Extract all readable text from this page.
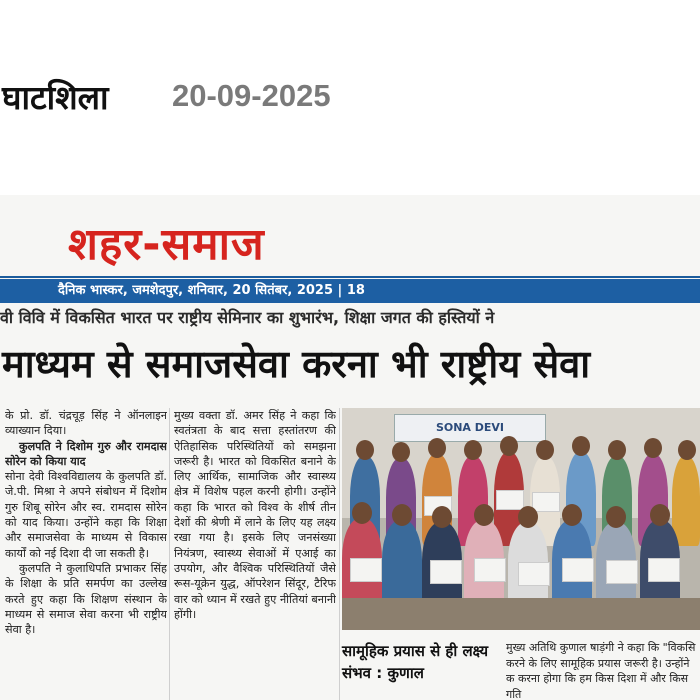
घाटशिला 20-09-2025
शहर-समाज
दैनिक भास्कर, जमशेदपुर, शनिवार, 20 सितंबर, 2025 | 18
वी विवि में विकसित भारत पर राष्ट्रीय सेमिनार का शुभारंभ, शिक्षा जगत की हस्तियों ने
माध्यम से समाजसेवा करना भी राष्ट्रीय सेवा

के प्रो. डॉ. चंद्रचूड़ सिंह ने ऑनलाइन व्याख्यान दिया।

कुलपति ने दिशोम गुरु और रामदास सोरेन को किया याद

सोना देवी विश्वविद्यालय के कुलपति डॉ. जे.पी. मिश्रा ने अपने संबोधन में दिशोम गुरु शिबू सोरेन और स्व. रामदास सोरेन को याद किया। उन्होंने कहा कि शिक्षा और समाजसेवा के माध्यम से विकास कार्यों को नई दिशा दी जा सकती है।

कुलपति ने कुलाधिपति प्रभाकर सिंह के शिक्षा के प्रति समर्पण का उल्लेख करते हुए कहा कि शिक्षण संस्थान के माध्यम से समाज सेवा करना भी राष्ट्रीय सेवा है।

मुख्य वक्ता डॉ. अमर सिंह ने कहा कि स्वतंत्रता के बाद सत्ता हस्तांतरण की ऐतिहासिक परिस्थितियों को समझना जरूरी है। भारत को विकसित बनाने के लिए आर्थिक, सामाजिक और स्वास्थ्य क्षेत्र में विशेष पहल करनी होगी। उन्होंने कहा कि भारत को विश्व के शीर्ष तीन देशों की श्रेणी में लाने के लिए यह लक्ष्य रखा गया है। इसके लिए जनसंख्या नियंत्रण, स्वास्थ्य सेवाओं में एआई का उपयोग, और वैश्विक परिस्थितियों जैसे रूस-यूक्रेन युद्ध, ऑपरेशन सिंदूर, टैरिफ वार को ध्यान में रखते हुए नीतियां बनानी होंगी।

SONA DEVI
सामूहिक प्रयास से ही लक्ष्य संभव : कुणाल
मुख्य अतिथि कुणाल षाड़ंगी ने कहा कि "विकसि करने के लिए सामूहिक प्रयास जरूरी है। उन्होंने क करना होगा कि हम किस दिशा में और किस गति
